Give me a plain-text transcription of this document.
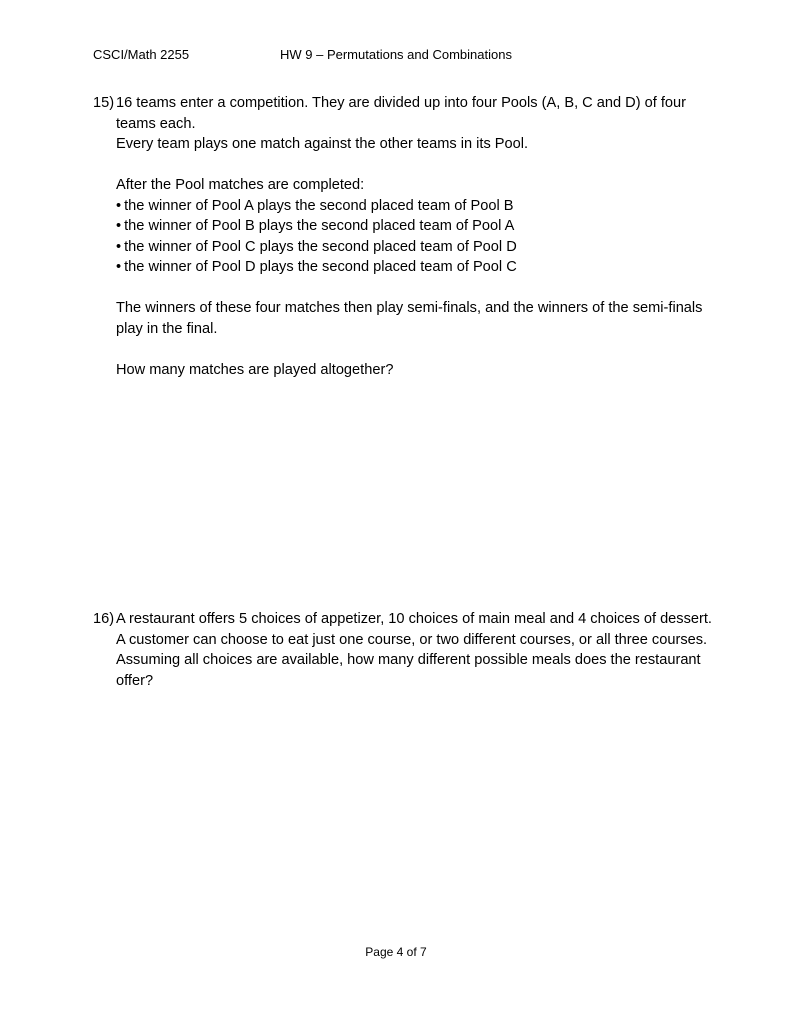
CSCI/Math 2255	HW 9 – Permutations and Combinations
15) 16 teams enter a competition. They are divided up into four Pools (A, B, C and D) of four

teams each.

Every team plays one match against the other teams in its Pool.

After the Pool matches are completed:

• the winner of Pool A plays the second placed team of Pool B
• the winner of Pool B plays the second placed team of Pool A
• the winner of Pool C plays the second placed team of Pool D
• the winner of Pool D plays the second placed team of Pool C

The winners of these four matches then play semi-finals, and the winners of the semi-finals

play in the final.

How many matches are played altogether?

16) A restaurant offers 5 choices of appetizer, 10 choices of main meal and 4 choices of dessert.

A customer can choose to eat just one course, or two different courses, or all three courses.

Assuming all choices are available, how many different possible meals does the restaurant

offer?

Page 4 of 7
